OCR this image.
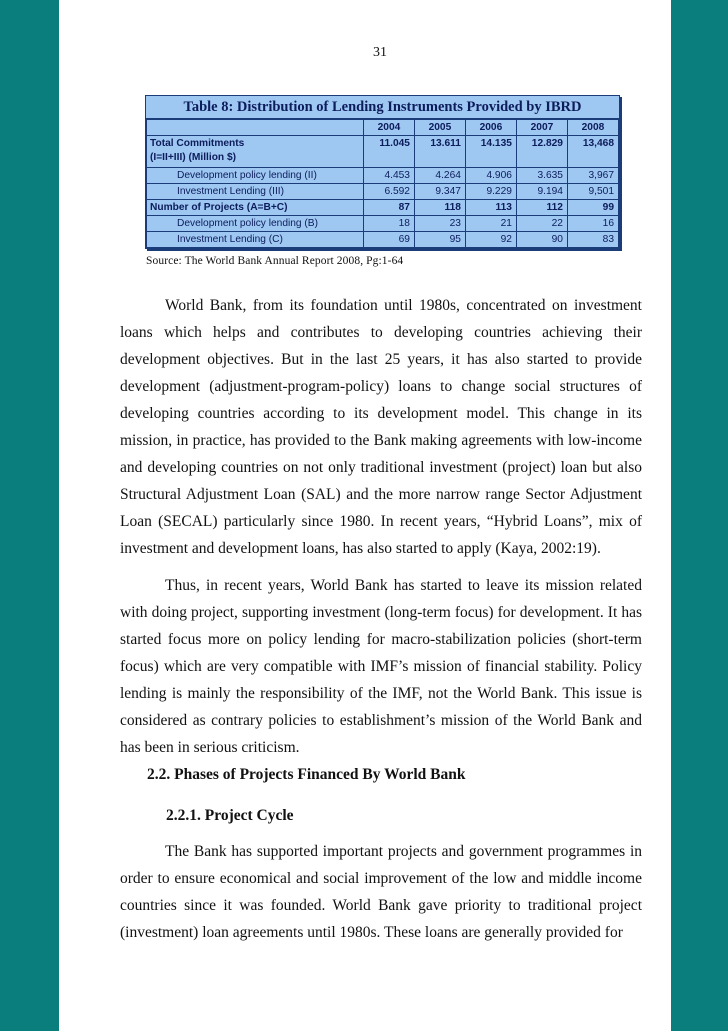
31
Table 8: Distribution of Lending Instruments Provided by IBRD
	2004	2005	2006	2007	2008
Total Commitments
(I=II+III) (Million $)	11.045	13.611	14.135	12.829	13,468
Development policy lending (II)	4.453	4.264	4.906	3.635	3,967
Investment Lending (III)	6.592	9.347	9.229	9.194	9,501
Number of Projects (A=B+C)	87	118	113	112	99
Development policy lending (B)	18	23	21	22	16
Investment Lending (C)	69	95	92	90	83
Source: The World Bank Annual Report 2008, Pg:1-64

World Bank, from its foundation until 1980s, concentrated on investment loans which helps and contributes to developing countries achieving their development objectives. But in the last 25 years, it has also started to provide development (adjustment-program-policy) loans to change social structures of developing countries according to its development model. This change in its mission, in practice, has provided to the Bank making agreements with low-income and developing countries on not only traditional investment (project) loan but also Structural Adjustment Loan (SAL) and the more narrow range Sector Adjustment Loan (SECAL) particularly since 1980. In recent years, “Hybrid Loans”, mix of investment and development loans, has also started to apply (Kaya, 2002:19).

Thus, in recent years, World Bank has started to leave its mission related with doing project, supporting investment (long-term focus) for development. It has started focus more on policy lending for macro-stabilization policies (short-term focus) which are very compatible with IMF’s mission of financial stability. Policy lending is mainly the responsibility of the IMF, not the World Bank. This issue is considered as contrary policies to establishment’s mission of the World Bank and has been in serious criticism.

2.2. Phases of Projects Financed By World Bank
2.2.1. Project Cycle

The Bank has supported important projects and government programmes in order to ensure economical and social improvement of the low and middle income countries since it was founded. World Bank gave priority to traditional project (investment) loan agreements until 1980s. These loans are generally provided for
